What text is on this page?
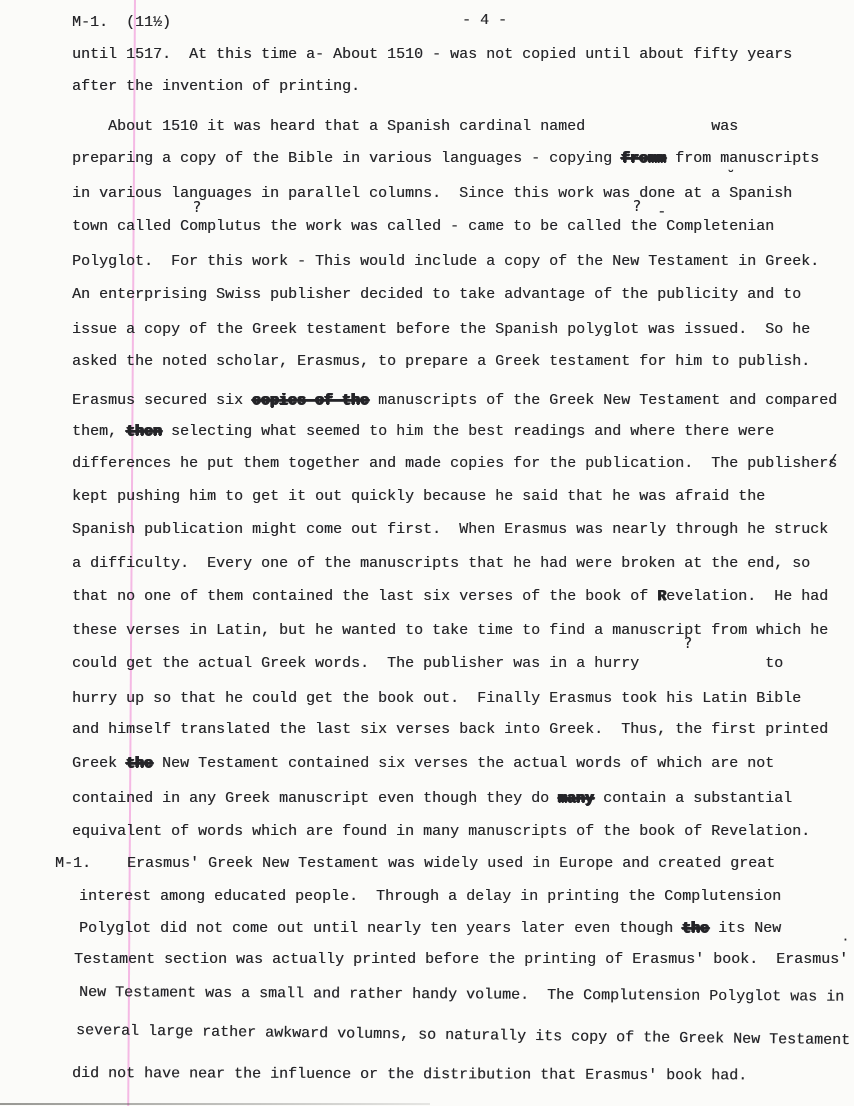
M-1.  (11½)	- 4 -
until 1517.  At this time a- About 1510 - was not copied until about fifty years
after the invention of printing.
About 1510 it was heard that a Spanish cardinal named              was
preparing a copy of the Bible in various languages - copying fromm from manuscripts
in various languages in parallel columns.  Since this work was done at a Spanish
town called Complutus the work was called - came to be called the Completenian
Polyglot.  For this work - This would include a copy of the New Testament in Greek.
An enterprising Swiss publisher decided to take advantage of the publicity and to
issue a copy of the Greek testament before the Spanish polyglot was issued.  So he
asked the noted scholar, Erasmus, to prepare a Greek testament for him to publish.
Erasmus secured six copies of the manuscripts of the Greek New Testament and compared
them, then selecting what seemed to him the best readings and where there were
differences he put them together and made copies for the publication.  The publishers /
kept pushing him to get it out quickly because he said that he was afraid the
Spanish publication might come out first.  When Erasmus was nearly through he struck
a difficulty.  Every one of the manuscripts that he had were broken at the end, so
that no one of them contained the last six verses of the book of Revelation.  He had
these verses in Latin, but he wanted to take time to find a manuscript from which he
could get the actual Greek words.  The publisher was in a hurry              to
hurry up so that he could get the book out.  Finally Erasmus took his Latin Bible
and himself translated the last six verses back into Greek.  Thus, the first printed
Greek the New Testament contained six verses the actual words of which are not
contained in any Greek manuscript even though they do many contain a substantial
equivalent of words which are found in many manuscripts of the book of Revelation.
M-1.    Erasmus' Greek New Testament was widely used in Europe and created great
interest among educated people.  Through a delay in printing the Complutension
Polyglot did not come out until nearly ten years later even though the its New
Testament section was actually printed before the printing of Erasmus' book.  Erasmus'
New Testament was a small and rather handy volume.  The Complutension Polyglot was in
several large rather awkward volumns, so naturally its copy of the Greek New Testament
did not have near the influence or the distribution that Erasmus' book had.
?	? -
˘
?
·
